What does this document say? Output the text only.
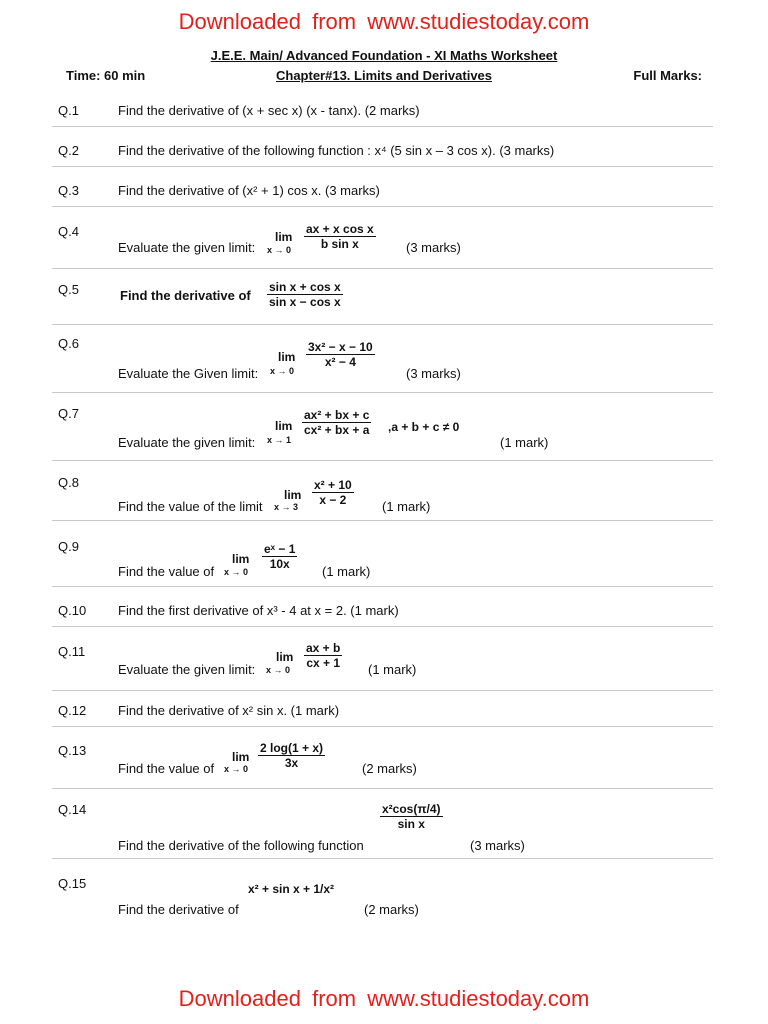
Downloaded from www.studiestoday.com
J.E.E. Main/ Advanced Foundation - XI Maths Worksheet
Time: 60 min	Chapter#13. Limits and Derivatives	Full Marks:
Q.1	Find the derivative of (x + sec x) (x - tanx). (2 marks)
Q.2	Find the derivative of the following function : x⁴ (5 sin x – 3 cos x). (3 marks)
Q.3	Find the derivative of (x² + 1) cos x. (3 marks)
Q.4
Evaluate the given limit:
lim
$x \to 0 \frac{\text{ax + x cos x}}{\text{b sin x}} (3$ marks)
Q.5	Find the derivative of $\frac{\text{sin x + cos x}}{\text{sin x − cos x}}$
Q.6
Evaluate the Given limit:
lim
x → 0
$\frac{\text{3x² − x − 10}}{\text{x² − 4}}$
(3 marks)
Q.7
Evaluate the given limit:
lim
x → 1
$\frac{\text{ax² + bx + c}}{\text{cx² + bx + a}} ,a + b + c \ne 0$
(1 mark)
Q.8
Find the value of the limit
lim
$x \to 3 \frac{\text{x² + 10}}{x - 2} (1$ mark)
Q.9
Find the value of
lim
x → 0
$\frac{\text{eˣ − 1}}{10x}$
(1 mark)
Q.10 Find the first derivative of x³ - 4 at x = 2. (1 mark)
Q.11
Evaluate the given limit:
lim
$x \to 0 \frac{ax + b}{cx + 1} (1$ mark)
Q.12 Find the derivative of x² sin x. (1 mark)
Q.13
Find the value of
lim
$x \to 0 \frac{2 \log(1 + x)}{3x}$	(2 marks)
Q.14
Find the derivative of the following function
$\frac{\text{x²cos(π/4)}}{\text{sin x}}$
(3 marks)
Q.15
Find the derivative of
x² + sin x + 1/x²
(2 marks)
Downloaded from www.studiestoday.com
